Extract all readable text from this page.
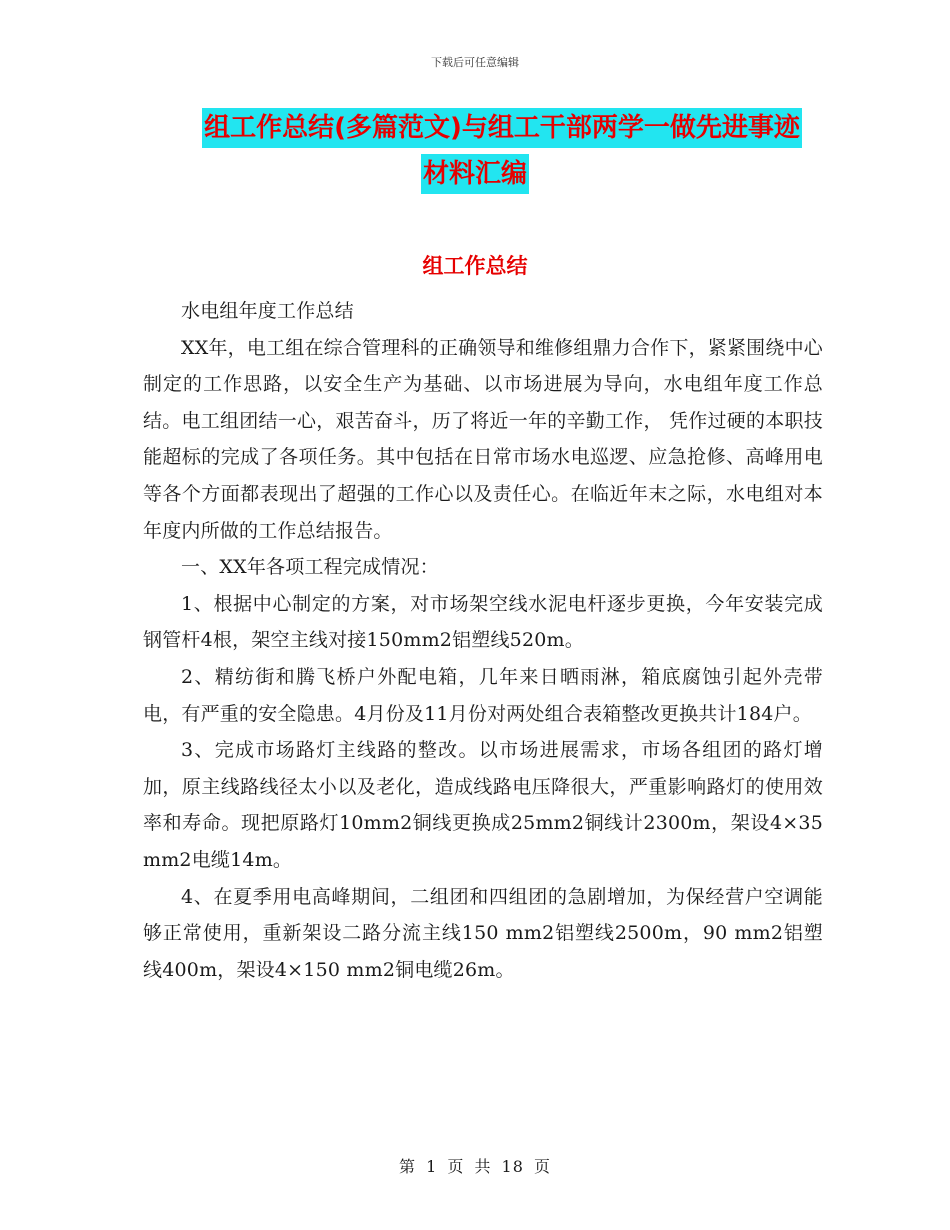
下载后可任意编辑
组工作总结(多篇范文)与组工干部两学一做先进事迹
材料汇编
组工作总结

水电组年度工作总结

XX年，电工组在综合管理科的正确领导和维修组鼎力合作下，紧紧围绕中心制定的工作思路，以安全生产为基础、以市场进展为导向，水电组年度工作总结。电工组团结一心，艰苦奋斗，历了将近一年的辛勤工作， 凭作过硬的本职技能超标的完成了各项任务。其中包括在日常市场水电巡逻、应急抢修、高峰用电等各个方面都表现出了超强的工作心以及责任心。在临近年末之际，水电组对本年度内所做的工作总结报告。

一、XX年各项工程完成情况：

1、根据中心制定的方案，对市场架空线水泥电杆逐步更换，今年安装完成钢管杆4根，架空主线对接150mm2铝塑线520m。

2、精纺街和腾飞桥户外配电箱，几年来日晒雨淋，箱底腐蚀引起外壳带电，有严重的安全隐患。4月份及11月份对两处组合表箱整改更换共计184户。

3、完成市场路灯主线路的整改。以市场进展需求，市场各组团的路灯增加，原主线路线径太小以及老化，造成线路电压降很大，严重影响路灯的使用效率和寿命。现把原路灯10mm2铜线更换成25mm2铜线计2300m，架设4×35 mm2电缆14m。

4、在夏季用电高峰期间，二组团和四组团的急剧增加，为保经营户空调能够正常使用，重新架设二路分流主线150 mm2铝塑线2500m，90 mm2铝塑线400m，架设4×150 mm2铜电缆26m。

第 1 页 共 18 页
